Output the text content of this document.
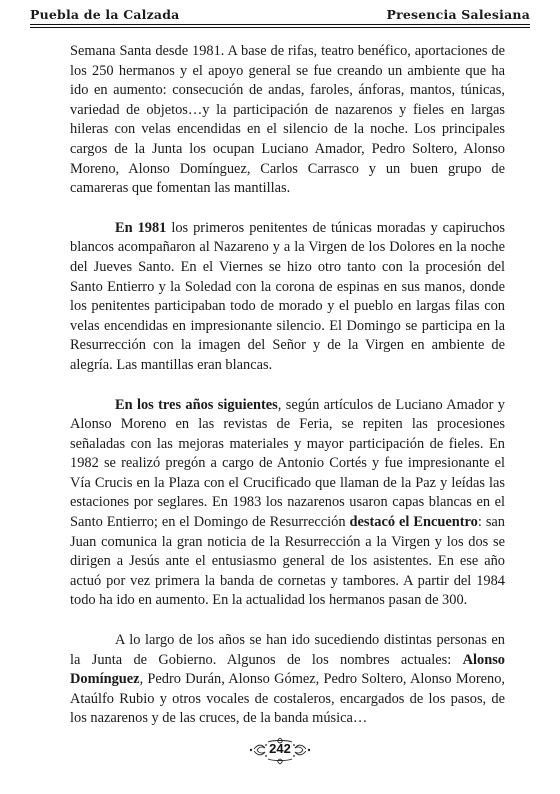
Puebla de la Calzada	Presencia Salesiana

Semana Santa desde 1981. A base de rifas, teatro benéfico, aportaciones de los 250 hermanos y el apoyo general se fue creando un ambiente que ha ido en aumento: consecución de andas, faroles, ánforas, mantos, túnicas, variedad de objetos…y la participación de nazarenos y fieles en largas hileras con velas encendidas en el silencio de la noche. Los principales cargos de la Junta los ocupan Luciano Amador, Pedro Soltero, Alonso Moreno, Alonso Domínguez, Carlos Carrasco y un buen grupo de camareras que fomentan las mantillas.

En 1981 los primeros penitentes de túnicas moradas y capiruchos blancos acompañaron al Nazareno y a la Virgen de los Dolores en la noche del Jueves Santo. En el Viernes se hizo otro tanto con la procesión del Santo Entierro y la Soledad con la corona de espinas en sus manos, donde los penitentes participaban todo de morado y el pueblo en largas filas con velas encendidas en impresionante silencio. El Domingo se participa en la Resurrección con la imagen del Señor y de la Virgen en ambiente de alegría. Las mantillas eran blancas.

En los tres años siguientes, según artículos de Luciano Amador y Alonso Moreno en las revistas de Feria, se repiten las procesiones señaladas con las mejoras materiales y mayor participación de fieles. En 1982 se realizó pregón a cargo de Antonio Cortés y fue impresionante el Vía Crucis en la Plaza con el Crucificado que llaman de la Paz y leídas las estaciones por seglares. En 1983 los nazarenos usaron capas blancas en el Santo Entierro; en el Domingo de Resurrección destacó el Encuentro: san Juan comunica la gran noticia de la Resurrección a la Virgen y los dos se dirigen a Jesús ante el entusiasmo general de los asistentes. En ese año actuó por vez primera la banda de cornetas y tambores. A partir del 1984 todo ha ido en aumento. En la actualidad los hermanos pasan de 300.

A lo largo de los años se han ido sucediendo distintas personas en la Junta de Gobierno. Algunos de los nombres actuales: Alonso Domínguez, Pedro Durán, Alonso Gómez, Pedro Soltero, Alonso Moreno, Ataúlfo Rubio y otros vocales de costaleros, encargados de los pasos, de los nazarenos y de las cruces, de la banda música…

242
